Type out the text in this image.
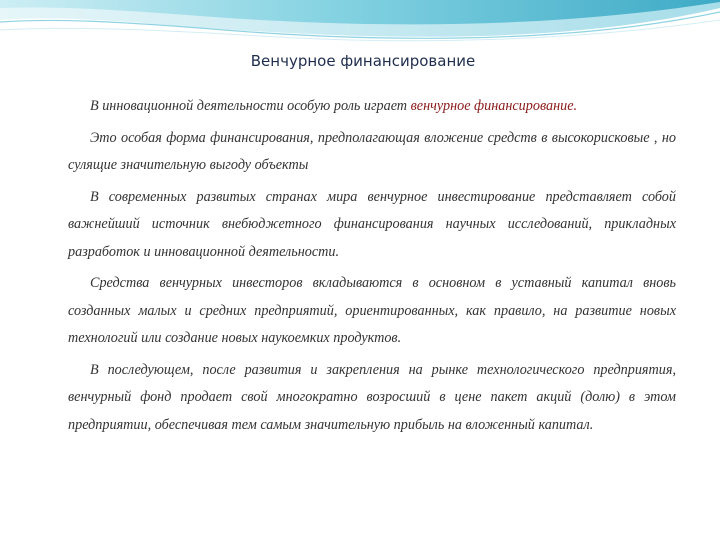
Венчурное финансирование

В инновационной деятельности особую роль играет венчурное финансирование.

Это особая форма финансирования, предполагающая вложение средств в высокорисковые , но сулящие значительную выгоду объекты

В современных развитых странах мира венчурное инвестирование представляет собой важнейший источник внебюджетного финансирования научных исследований, прикладных разработок и инновационной деятельности.

Средства венчурных инвесторов вкладываются в основном в уставный капитал вновь созданных малых и средних предприятий, ориентированных, как правило, на развитие новых технологий или создание новых наукоемких продуктов.

В последующем, после развития и закрепления на рынке технологического предприятия, венчурный фонд продает свой многократно возросший в цене пакет акций (долю) в этом предприятии, обеспечивая тем самым значительную прибыль на вложенный капитал.
